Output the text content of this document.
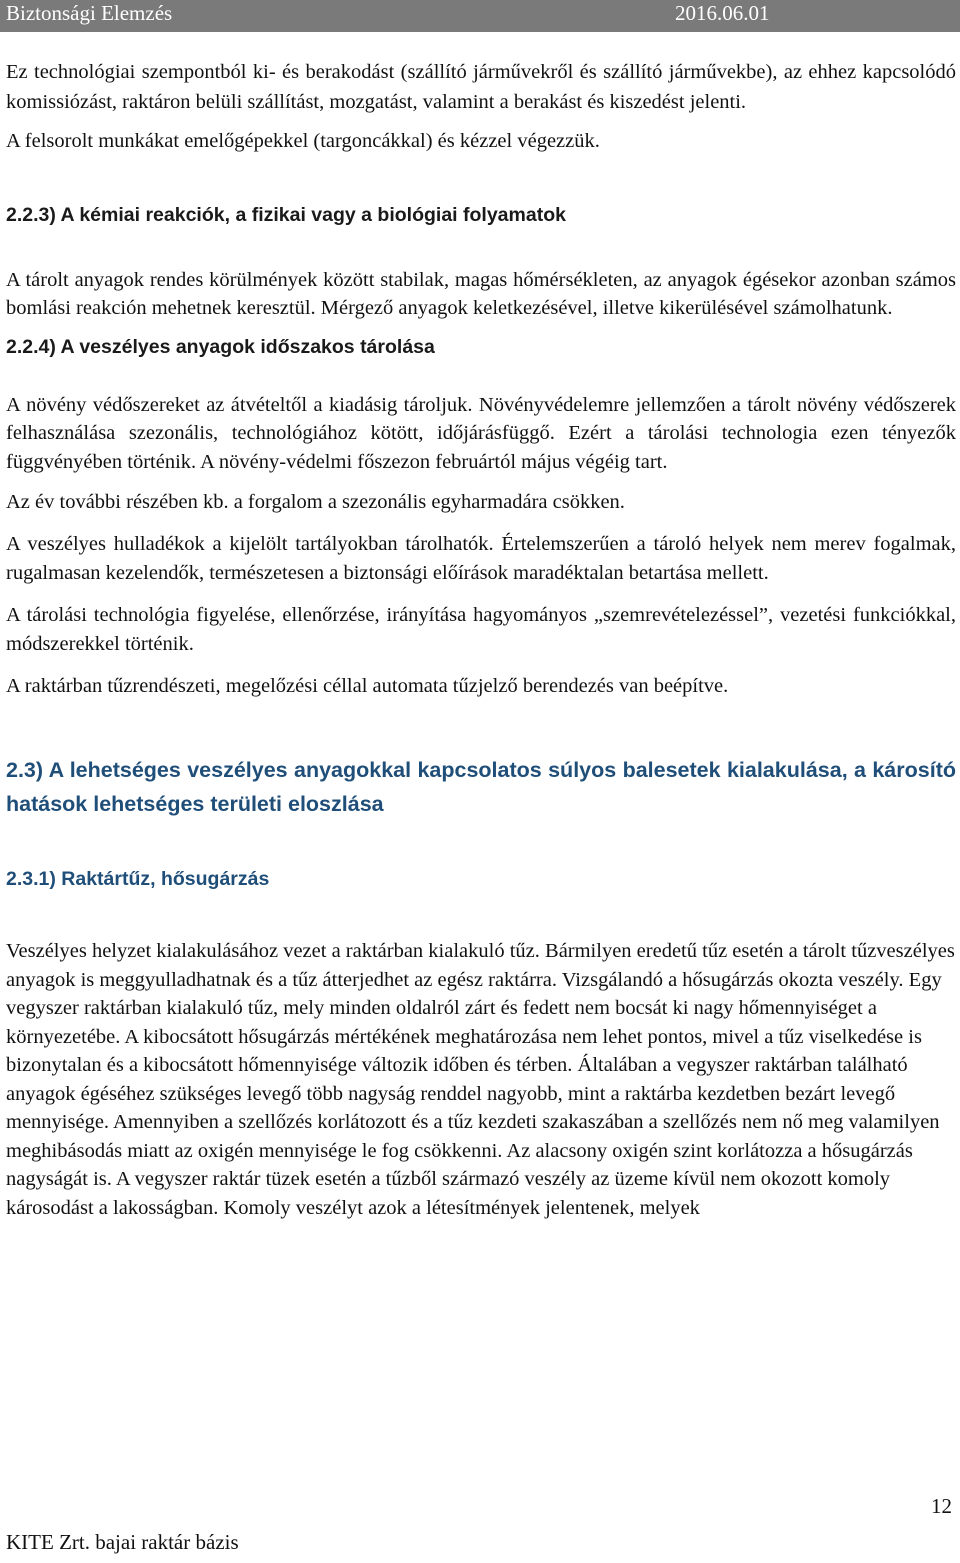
Biztonsági Elemzés	2016.06.01

Ez technológiai szempontból ki- és berakodást (szállító járművekről és szállító járművekbe), az ehhez kapcsolódó komissiózást, raktáron belüli szállítást, mozgatást, valamint a berakást és kiszedést jelenti.

A felsorolt munkákat emelőgépekkel (targoncákkal) és kézzel végezzük.

2.2.3) A kémiai reakciók, a fizikai vagy a biológiai folyamatok

A tárolt anyagok rendes körülmények között stabilak, magas hőmérsékleten, az anyagok égésekor azonban számos bomlási reakción mehetnek keresztül. Mérgező anyagok keletkezésével, illetve kikerülésével számolhatunk.

2.2.4) A veszélyes anyagok időszakos tárolása

A növény védőszereket az átvételtől a kiadásig tároljuk. Növényvédelemre jellemzően a tárolt növény védőszerek felhasználása szezonális, technológiához kötött, időjárásfüggő. Ezért a tárolási technologia ezen tényezők függvényében történik. A növény-védelmi főszezon februártól május végéig tart.

Az év további részében kb. a forgalom a szezonális egyharmadára csökken.

A veszélyes hulladékok a kijelölt tartályokban tárolhatók. Értelemszerűen a tároló helyek nem merev fogalmak, rugalmasan kezelendők, természetesen a biztonsági előírások maradéktalan betartása mellett.

A tárolási technológia figyelése, ellenőrzése, irányítása hagyományos „szemrevételezéssel”, vezetési funkciókkal, módszerekkel történik.

A raktárban tűzrendészeti, megelőzési céllal automata tűzjelző berendezés van beépítve.

2.3) A lehetséges veszélyes anyagokkal kapcsolatos súlyos balesetek kialakulása, a károsító hatások lehetséges területi eloszlása
2.3.1) Raktártűz, hősugárzás

Veszélyes helyzet kialakulásához vezet a raktárban kialakuló tűz. Bármilyen eredetű tűz esetén a tárolt tűzveszélyes anyagok is meggyulladhatnak és a tűz átterjedhet az egész raktárra. Vizsgálandó a hősugárzás okozta veszély. Egy vegyszer raktárban kialakuló tűz, mely minden oldalról zárt és fedett nem bocsát ki nagy hőmennyiséget a környezetébe. A kibocsátott hősugárzás mértékének meghatározása nem lehet pontos, mivel a tűz viselkedése is bizonytalan és a kibocsátott hőmennyisége változik időben és térben. Általában a vegyszer raktárban található anyagok égéséhez szükséges levegő több nagyság renddel nagyobb, mint a raktárba kezdetben bezárt levegő mennyisége. Amennyiben a szellőzés korlátozott és a tűz kezdeti szakaszában a szellőzés nem nő meg valamilyen meghibásodás miatt az oxigén mennyisége le fog csökkenni. Az alacsony oxigén szint korlátozza a hősugárzás nagyságát is. A vegyszer raktár tüzek esetén a tűzből származó veszély az üzeme kívül nem okozott komoly károsodást a lakosságban. Komoly veszélyt azok a létesítmények jelentenek, melyek

12
KITE Zrt. bajai raktár bázis
